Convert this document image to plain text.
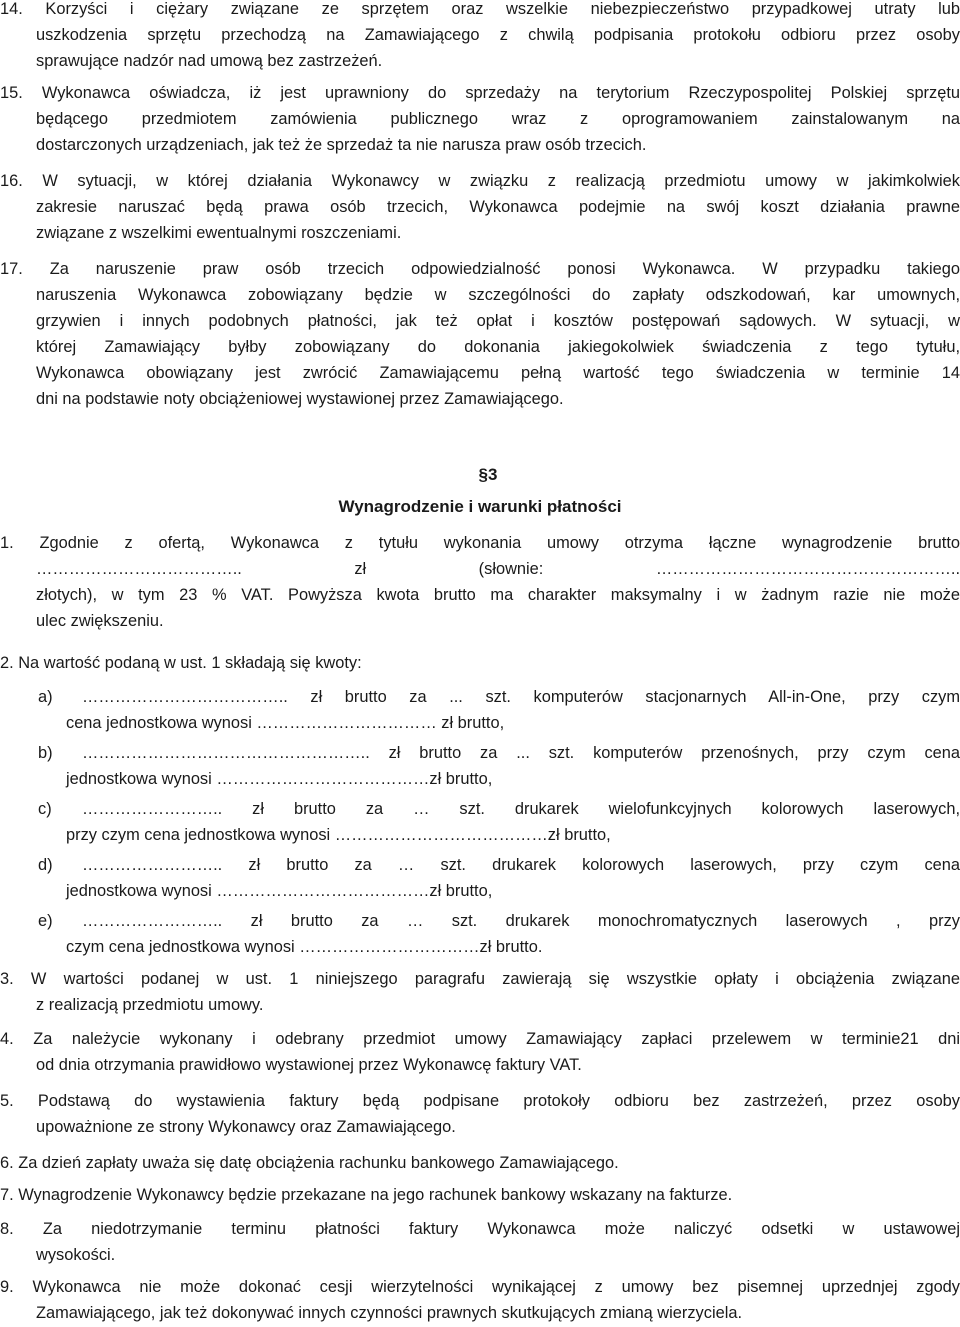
14. Korzyści i ciężary związane ze sprzętem oraz wszelkie niebezpieczeństwo przypadkowej utraty lub
uszkodzenia sprzętu przechodzą na Zamawiającego z chwilą podpisania protokołu odbioru przez osoby
sprawujące nadzór nad umową bez zastrzeżeń.
15. Wykonawca oświadcza, iż jest uprawniony do sprzedaży na terytorium Rzeczypospolitej Polskiej sprzętu
będącego przedmiotem zamówienia publicznego wraz z oprogramowaniem zainstalowanym na
dostarczonych urządzeniach, jak też że sprzedaż ta nie narusza praw osób trzecich.
16. W sytuacji, w której działania Wykonawcy w związku z realizacją przedmiotu umowy w jakimkolwiek
zakresie naruszać będą prawa osób trzecich, Wykonawca podejmie na swój koszt działania prawne
związane z wszelkimi ewentualnymi roszczeniami.
17. Za naruszenie praw osób trzecich odpowiedzialność ponosi Wykonawca. W przypadku takiego
naruszenia Wykonawca zobowiązany będzie w szczególności do zapłaty odszkodowań, kar umownych,
grzywien i innych podobnych płatności, jak też opłat i kosztów postępowań sądowych. W sytuacji, w
której Zamawiający byłby zobowiązany do dokonania jakiegokolwiek świadczenia z tego tytułu,
Wykonawca obowiązany jest zwrócić Zamawiającemu pełną wartość tego świadczenia w terminie 14
dni na podstawie noty obciążeniowej wystawionej przez Zamawiającego.
§3
Wynagrodzenie i warunki płatności
1. Zgodnie z ofertą, Wykonawca z tytułu wykonania umowy otrzyma łączne wynagrodzenie brutto
……………………………….. zł (słownie: ………………………………………………..
złotych), w tym 23 % VAT. Powyższa kwota brutto ma charakter maksymalny i w żadnym razie nie może
ulec zwiększeniu.
2. Na wartość podaną w ust. 1 składają się kwoty:
a)	……………………………….. zł brutto za ... szt. komputerów stacjonarnych All-in-One, przy czym
cena jednostkowa wynosi …………………………… zł brutto,
b)	…………………………………………….. zł brutto za ... szt. komputerów przenośnych, przy czym cena
jednostkowa wynosi …………………………………zł brutto,
c)	…………………….. zł brutto za … szt. drukarek wielofunkcyjnych kolorowych laserowych,
przy czym cena jednostkowa wynosi …………………………………zł brutto,
d)	…………………….. zł brutto za … szt. drukarek kolorowych laserowych, przy czym cena
jednostkowa wynosi …………………………………zł brutto,
e)	…………………….. zł brutto za … szt. drukarek monochromatycznych laserowych , przy
czym cena jednostkowa wynosi ……………………………zł brutto.
3. W wartości podanej w ust. 1 niniejszego paragrafu zawierają się wszystkie opłaty i obciążenia związane
z realizacją przedmiotu umowy.
4. Za należycie wykonany i odebrany przedmiot umowy Zamawiający zapłaci przelewem w terminie21 dni
od dnia otrzymania prawidłowo wystawionej przez Wykonawcę faktury VAT.
5. Podstawą do wystawienia faktury będą podpisane protokoły odbioru bez zastrzeżeń, przez osoby
upoważnione ze strony Wykonawcy oraz Zamawiającego.
6. Za dzień zapłaty uważa się datę obciążenia rachunku bankowego Zamawiającego.
7. Wynagrodzenie Wykonawcy będzie przekazane na jego rachunek bankowy wskazany na fakturze.
8. Za niedotrzymanie terminu płatności faktury Wykonawca może naliczyć odsetki w ustawowej
wysokości.
9. Wykonawca nie może dokonać cesji wierzytelności wynikającej z umowy bez pisemnej uprzednjej zgody
Zamawiającego, jak też dokonywać innych czynności prawnych skutkujących zmianą wierzyciela.
